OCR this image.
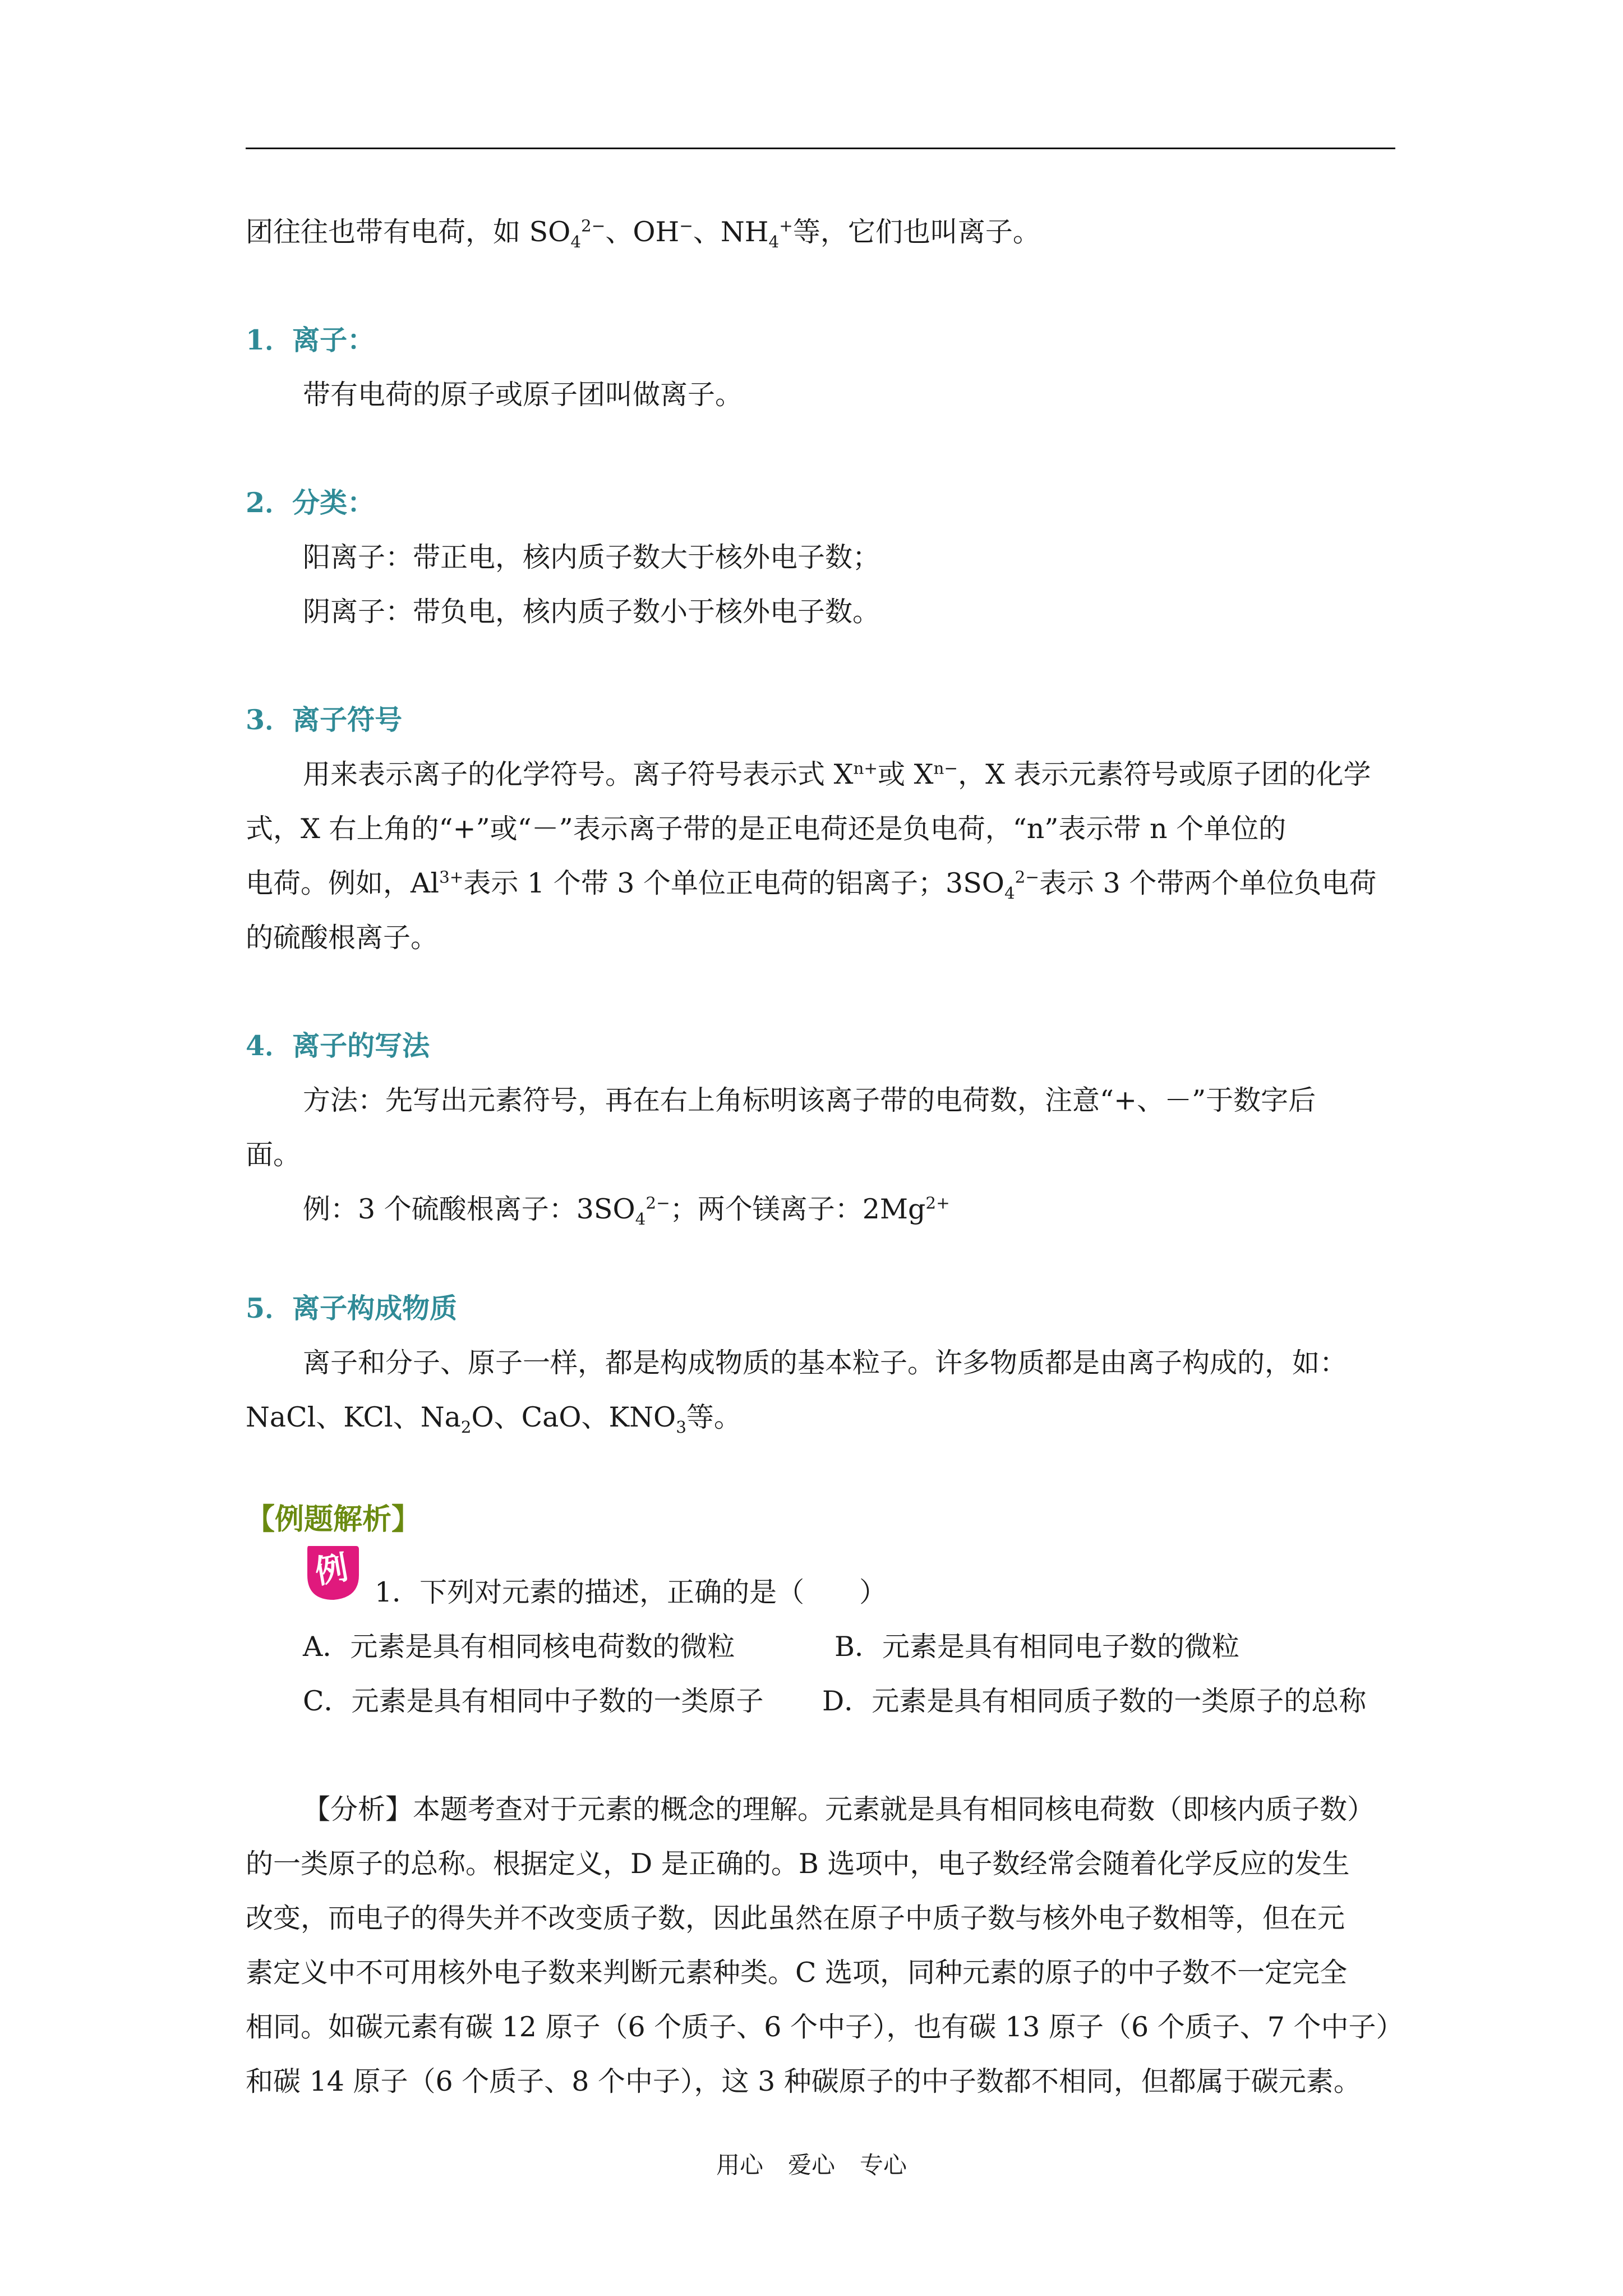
团往往也带有电荷，如 $SO_4^{2-}$、OH−、$NH_4^+$等，它们也叫离子。
1．离子：
带有电荷的原子或原子团叫做离子。
2．分类：
阳离子：带正电，核内质子数大于核外电子数；
阴离子：带负电，核内质子数小于核外电子数。
3．离子符号
用来表示离子的化学符号。离子符号表示式 $X^{n+}$或 $X^{n-}$，X 表示元素符号或原子团的化学
式，X 右上角的“+”或“－”表示离子带的是正电荷还是负电荷，“n”表示带 n 个单位的
电荷。例如，$Al^{3+}$表示 1 个带 3 个单位正电荷的铝离子；$3SO_4^{2-}$表示 3 个带两个单位负电荷
的硫酸根离子。
4．离子的写法
方法：先写出元素符号，再在右上角标明该离子带的电荷数，注意“+、－”于数字后
面。
例：3 个硫酸根离子：$3SO_4^{2-}$；两个镁离子：$2Mg^{2+}$
5．离子构成物质
离子和分子、原子一样，都是构成物质的基本粒子。许多物质都是由离子构成的，如：
NaCl、KCl、$Na_2O$、CaO、$KNO_3$等。
【例题解析】
例
1．下列对元素的描述，正确的是（　　）
A．元素是具有相同核电荷数的微粒	B．元素是具有相同电子数的微粒
C．元素是具有相同中子数的一类原子 D．元素是具有相同质子数的一类原子的总称
【分析】本题考查对于元素的概念的理解。元素就是具有相同核电荷数（即核内质子数）
的一类原子的总称。根据定义，D 是正确的。B 选项中，电子数经常会随着化学反应的发生
改变，而电子的得失并不改变质子数，因此虽然在原子中质子数与核外电子数相等，但在元
素定义中不可用核外电子数来判断元素种类。C 选项，同种元素的原子的中子数不一定完全
相同。如碳元素有碳 12 原子（6 个质子、6 个中子），也有碳 13 原子（6 个质子、7 个中子）
和碳 14 原子（6 个质子、8 个中子），这 3 种碳原子的中子数都不相同，但都属于碳元素。
用心 爱心 专心
